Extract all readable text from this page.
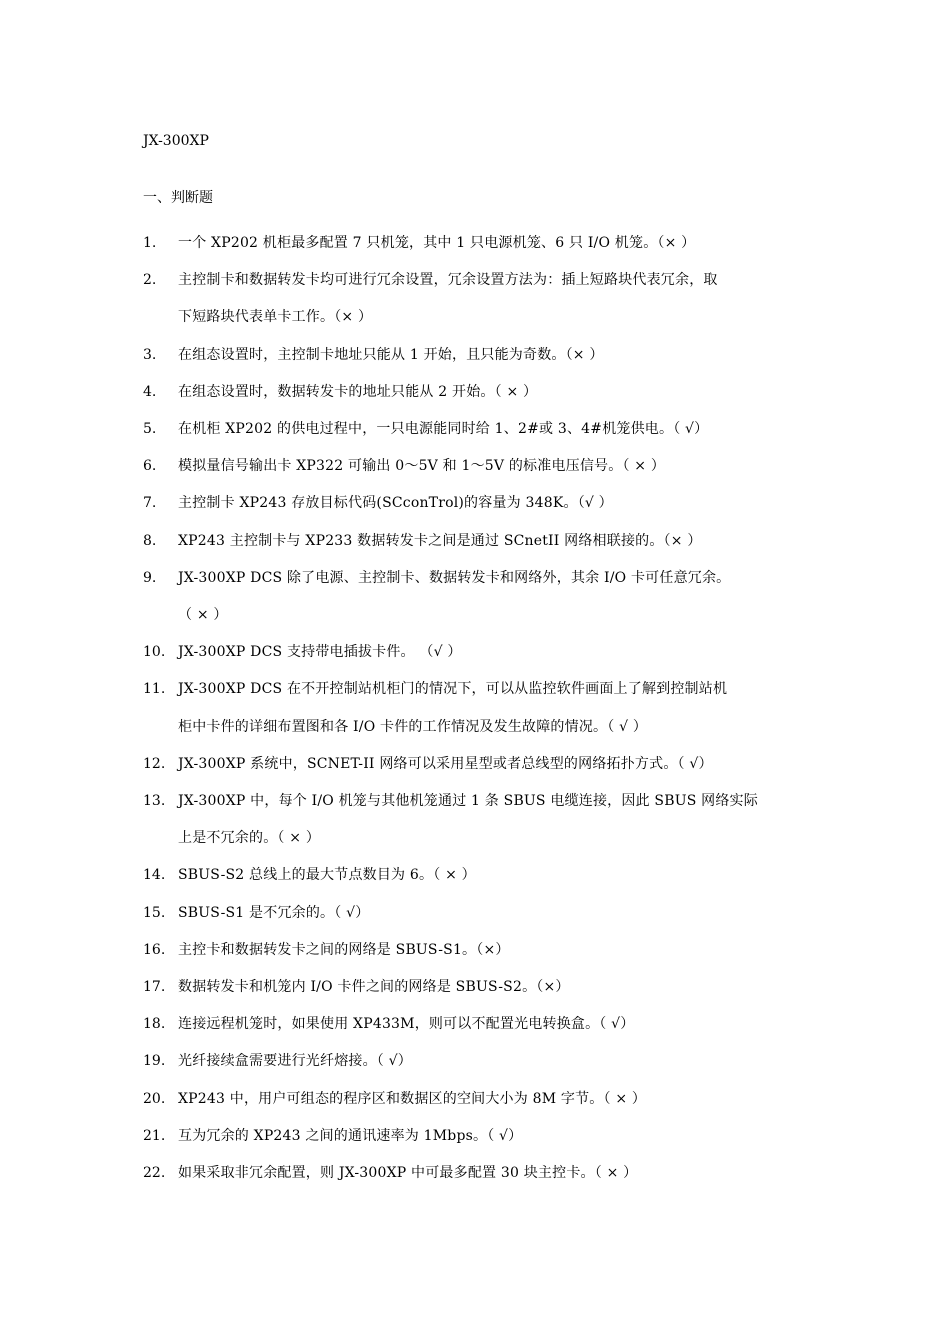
JX-300XP
一、判断题
1. 一个 XP202 机柜最多配置 7 只机笼，其中 1 只电源机笼、6 只 I/O 机笼。（× ）
2. 主控制卡和数据转发卡均可进行冗余设置，冗余设置方法为：插上短路块代表冗余，取
下短路块代表单卡工作。（× ）
3. 在组态设置时，主控制卡地址只能从 1 开始，且只能为奇数。（× ）
4. 在组态设置时，数据转发卡的地址只能从 2 开始。（ × ）
5. 在机柜 XP202 的供电过程中，一只电源能同时给 1、2#或 3、4#机笼供电。（ √）
6. 模拟量信号输出卡 XP322 可输出 0～5V 和 1～5V 的标准电压信号。（ × ）
7. 主控制卡 XP243 存放目标代码(SCconTrol)的容量为 348K。（√ ）
8. XP243 主控制卡与 XP233 数据转发卡之间是通过 SCnetII 网络相联接的。（× ）
9. JX-300XP DCS 除了电源、主控制卡、数据转发卡和网络外，其余 I/O 卡可任意冗余。
（ × ）
10. JX-300XP DCS 支持带电插拔卡件。 （√ ）
11. JX-300XP DCS 在不开控制站机柜门的情况下，可以从监控软件画面上了解到控制站机
柜中卡件的详细布置图和各 I/O 卡件的工作情况及发生故障的情况。（ √ ）
12. JX-300XP 系统中，SCNET-II 网络可以采用星型或者总线型的网络拓扑方式。（ √）
13. JX-300XP 中，每个 I/O 机笼与其他机笼通过 1 条 SBUS 电缆连接，因此 SBUS 网络实际
上是不冗余的。（ × ）
14. SBUS-S2 总线上的最大节点数目为 6。（ × ）
15. SBUS-S1 是不冗余的。（ √）
16. 主控卡和数据转发卡之间的网络是 SBUS-S1。（×）
17. 数据转发卡和机笼内 I/O 卡件之间的网络是 SBUS-S2。（×）
18. 连接远程机笼时，如果使用 XP433M，则可以不配置光电转换盒。（ √）
19. 光纤接续盒需要进行光纤熔接。（ √）
20. XP243 中，用户可组态的程序区和数据区的空间大小为 8M 字节。（ × ）
21. 互为冗余的 XP243 之间的通讯速率为 1Mbps。（ √）
22. 如果采取非冗余配置，则 JX-300XP 中可最多配置 30 块主控卡。（ × ）
